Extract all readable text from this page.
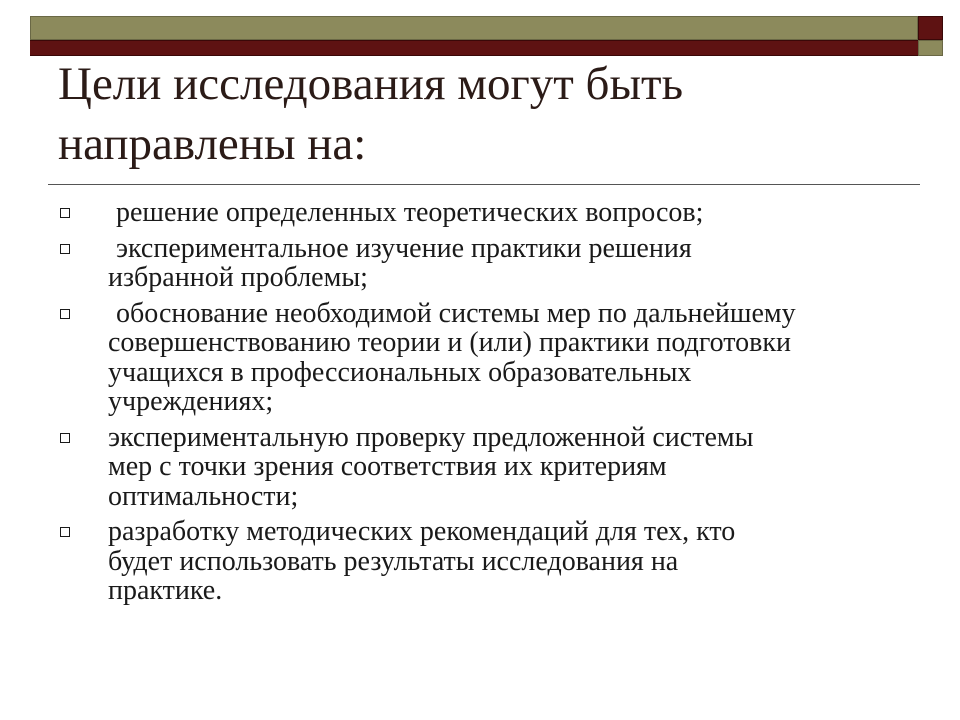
Цели исследования могут быть
направлены на:
решение определенных теоретических вопросов;
экспериментальное изучение практики решения
избранной проблемы;
обоснование необходимой системы мер по дальнейшему
совершенствованию теории и (или) практики подготовки
учащихся в профессиональных образовательных
учреждениях;
экспериментальную проверку предложенной системы
мер с точки зрения соответствия их критериям
оптимальности;
разработку методических рекомендаций для тех, кто
будет использовать результаты исследования на
практике.
